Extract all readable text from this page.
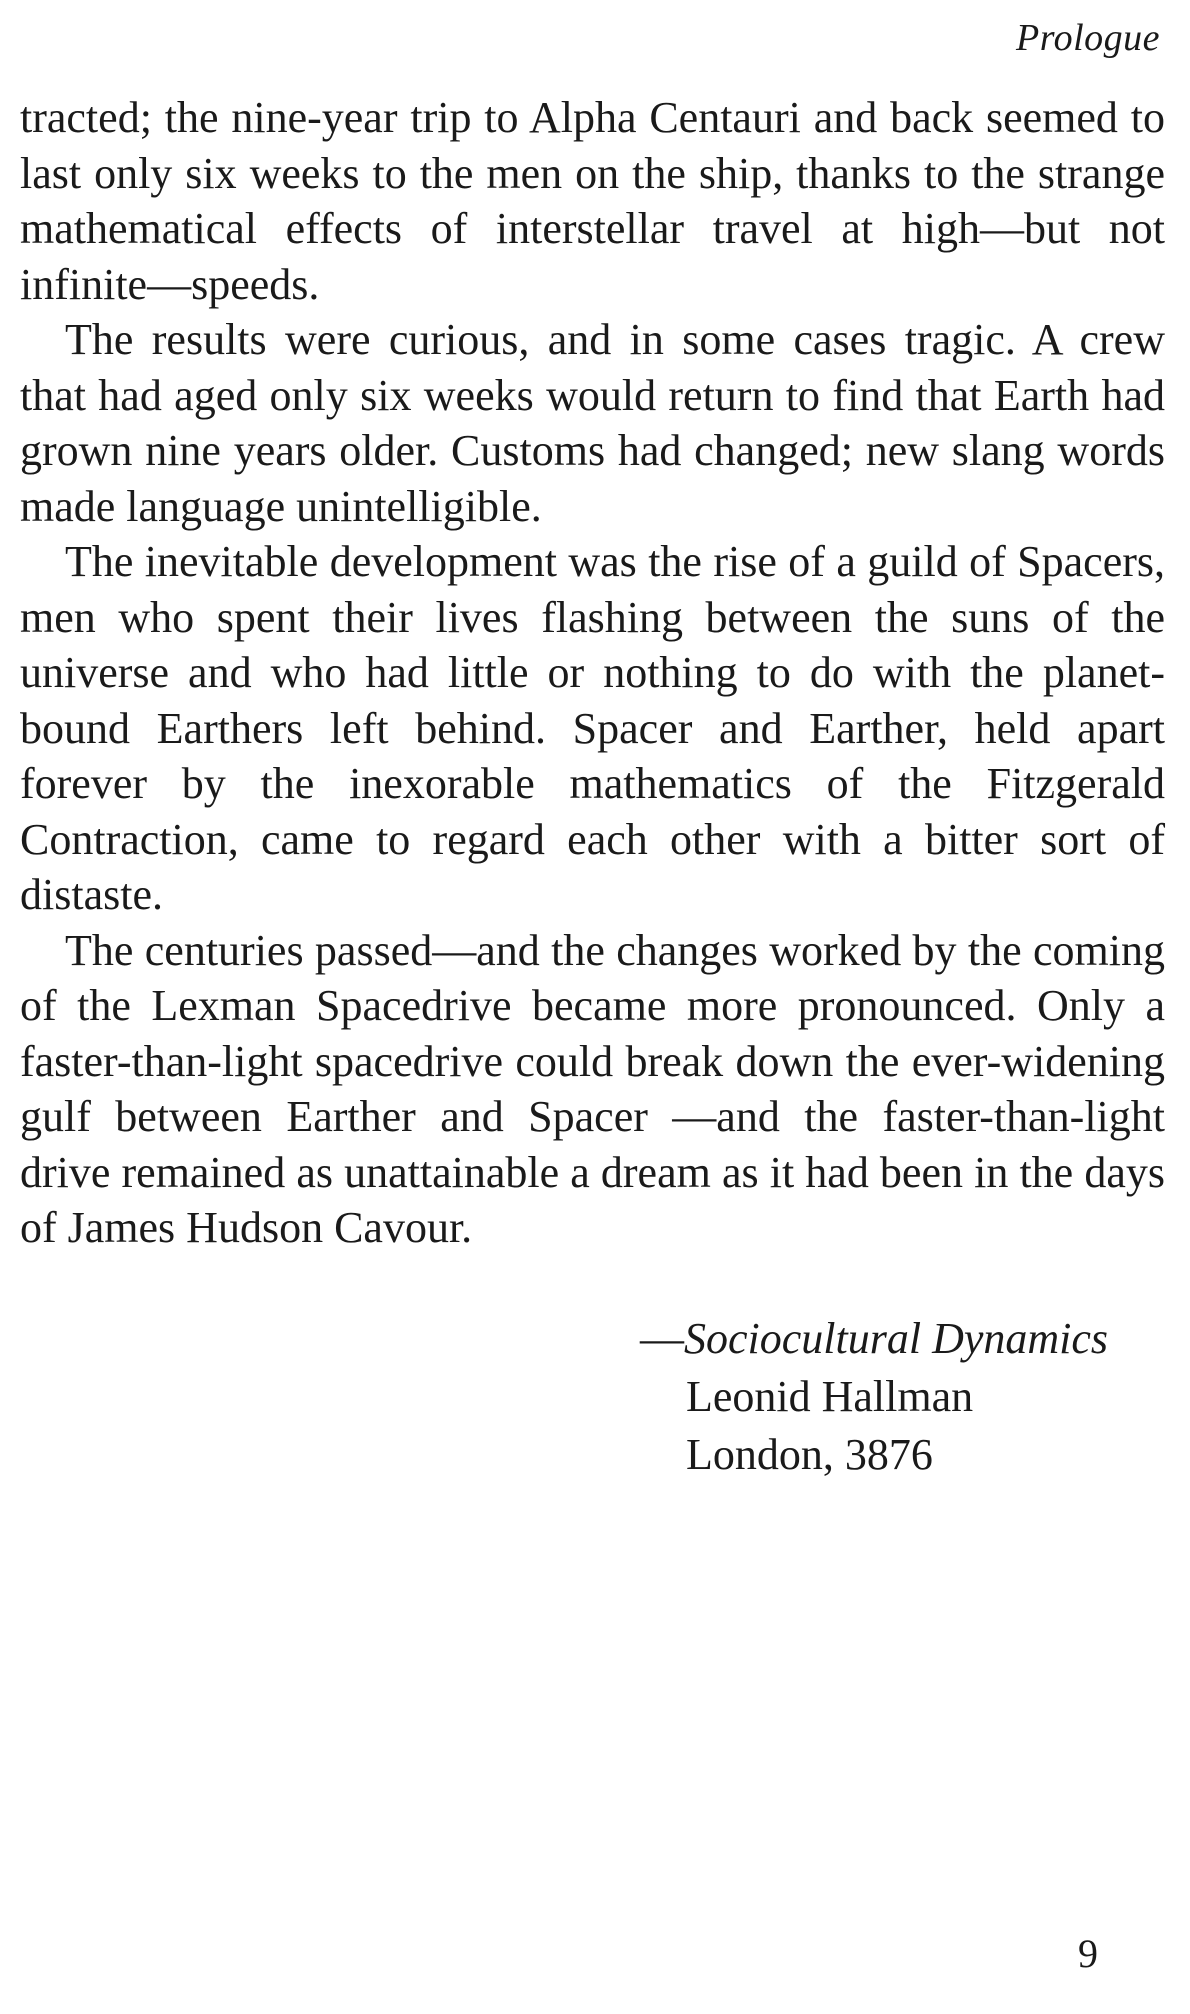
Prologue

tracted; the nine-year trip to Alpha Centauri and back seemed to last only six weeks to the men on the ship, thanks to the strange mathematical effects of interstellar travel at high—but not infinite—speeds.

The results were curious, and in some cases tragic. A crew that had aged only six weeks would return to find that Earth had grown nine years older. Customs had changed; new slang words made language unintelligible.

The inevitable development was the rise of a guild of Spacers, men who spent their lives flashing between the suns of the universe and who had little or nothing to do with the planet-bound Earthers left behind. Spacer and Earther, held apart forever by the inexorable mathematics of the Fitzgerald Contraction, came to regard each other with a bitter sort of distaste.

The centuries passed—and the changes worked by the coming of the Lexman Spacedrive became more pronounced. Only a faster-than-light spacedrive could break down the ever-widening gulf between Earther and Spacer —and the faster-than-light drive remained as unattainable a dream as it had been in the days of James Hudson Cavour.

—Sociocultural Dynamics
Leonid Hallman
London, 3876
9
